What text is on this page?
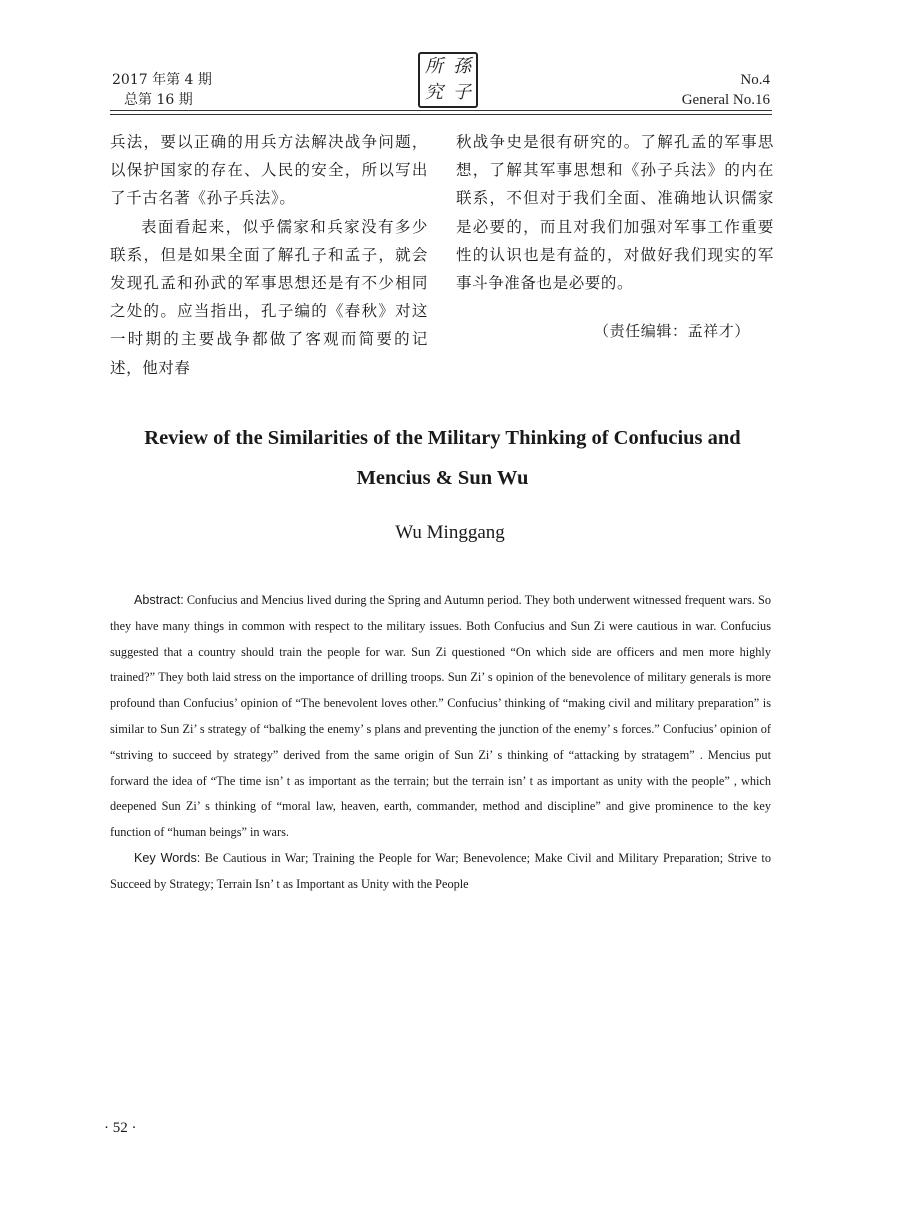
2017 年第 4 期
总第 16 期
所 孫
究 子
No.4
General No.16

兵法，要以正确的用兵方法解决战争问题，以保护国家的存在、人民的安全，所以写出了千古名著《孙子兵法》。

表面看起来，似乎儒家和兵家没有多少联系，但是如果全面了解孔子和孟子，就会发现孔孟和孙武的军事思想还是有不少相同之处的。应当指出，孔子编的《春秋》对这一时期的主要战争都做了客观而简要的记述，他对春

秋战争史是很有研究的。了解孔孟的军事思想，了解其军事思想和《孙子兵法》的内在联系，不但对于我们全面、准确地认识儒家是必要的，而且对我们加强对军事工作重要性的认识也是有益的，对做好我们现实的军事斗争准备也是必要的。

（责任编辑：孟祥才）

Review of the Similarities of the Military Thinking of Confucius and Mencius & Sun Wu
Wu Minggang

Abstract: Confucius and Mencius lived during the Spring and Autumn period. They both underwent witnessed frequent wars. So they have many things in common with respect to the military issues. Both Confucius and Sun Zi were cautious in war. Confucius suggested that a country should train the people for war. Sun Zi questioned “On which side are officers and men more highly trained?” They both laid stress on the importance of drilling troops. Sun Zi’ s opinion of the benevolence of military generals is more profound than Confucius’ opinion of “The benevolent loves other.” Confucius’ thinking of “making civil and military preparation” is similar to Sun Zi’ s strategy of “balking the enemy’ s plans and preventing the junction of the enemy’ s forces.” Confucius’ opinion of “striving to succeed by strategy” derived from the same origin of Sun Zi’ s thinking of “attacking by stratagem” . Mencius put forward the idea of “The time isn’ t as important as the terrain; but the terrain isn’ t as important as unity with the people” , which deepened Sun Zi’ s thinking of “moral law, heaven, earth, commander, method and discipline” and give prominence to the key function of “human beings” in wars.

Key Words: Be Cautious in War; Training the People for War; Benevolence; Make Civil and Military Preparation; Strive to Succeed by Strategy; Terrain Isn’ t as Important as Unity with the People

· 52 ·
